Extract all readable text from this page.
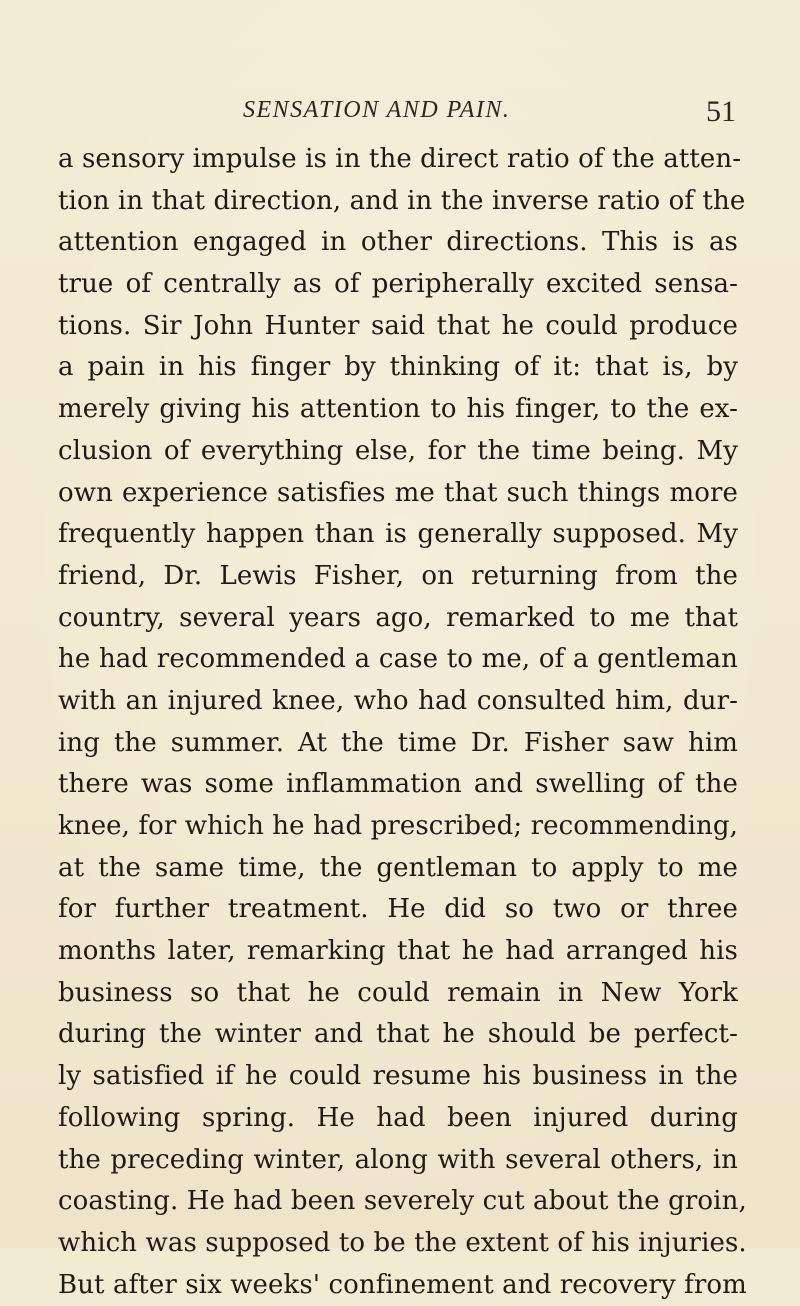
SENSATION AND PAIN.	51
a sensory impulse is in the direct ratio of the atten-
tion in that direction, and in the inverse ratio of the
attention engaged in other directions. This is as
true of centrally as of peripherally excited sensa-
tions. Sir John Hunter said that he could produce
a pain in his finger by thinking of it: that is, by
merely giving his attention to his finger, to the ex-
clusion of everything else, for the time being. My
own experience satisfies me that such things more
frequently happen than is generally supposed. My
friend, Dr. Lewis Fisher, on returning from the
country, several years ago, remarked to me that
he had recommended a case to me, of a gentleman
with an injured knee, who had consulted him, dur-
ing the summer. At the time Dr. Fisher saw him
there was some inflammation and swelling of the
knee, for which he had prescribed; recommending,
at the same time, the gentleman to apply to me
for further treatment. He did so two or three
months later, remarking that he had arranged his
business so that he could remain in New York
during the winter and that he should be perfect-
ly satisfied if he could resume his business in the
following spring. He had been injured during
the preceding winter, along with several others, in
coasting. He had been severely cut about the groin,
which was supposed to be the extent of his injuries.
But after six weeks' confinement and recovery from
